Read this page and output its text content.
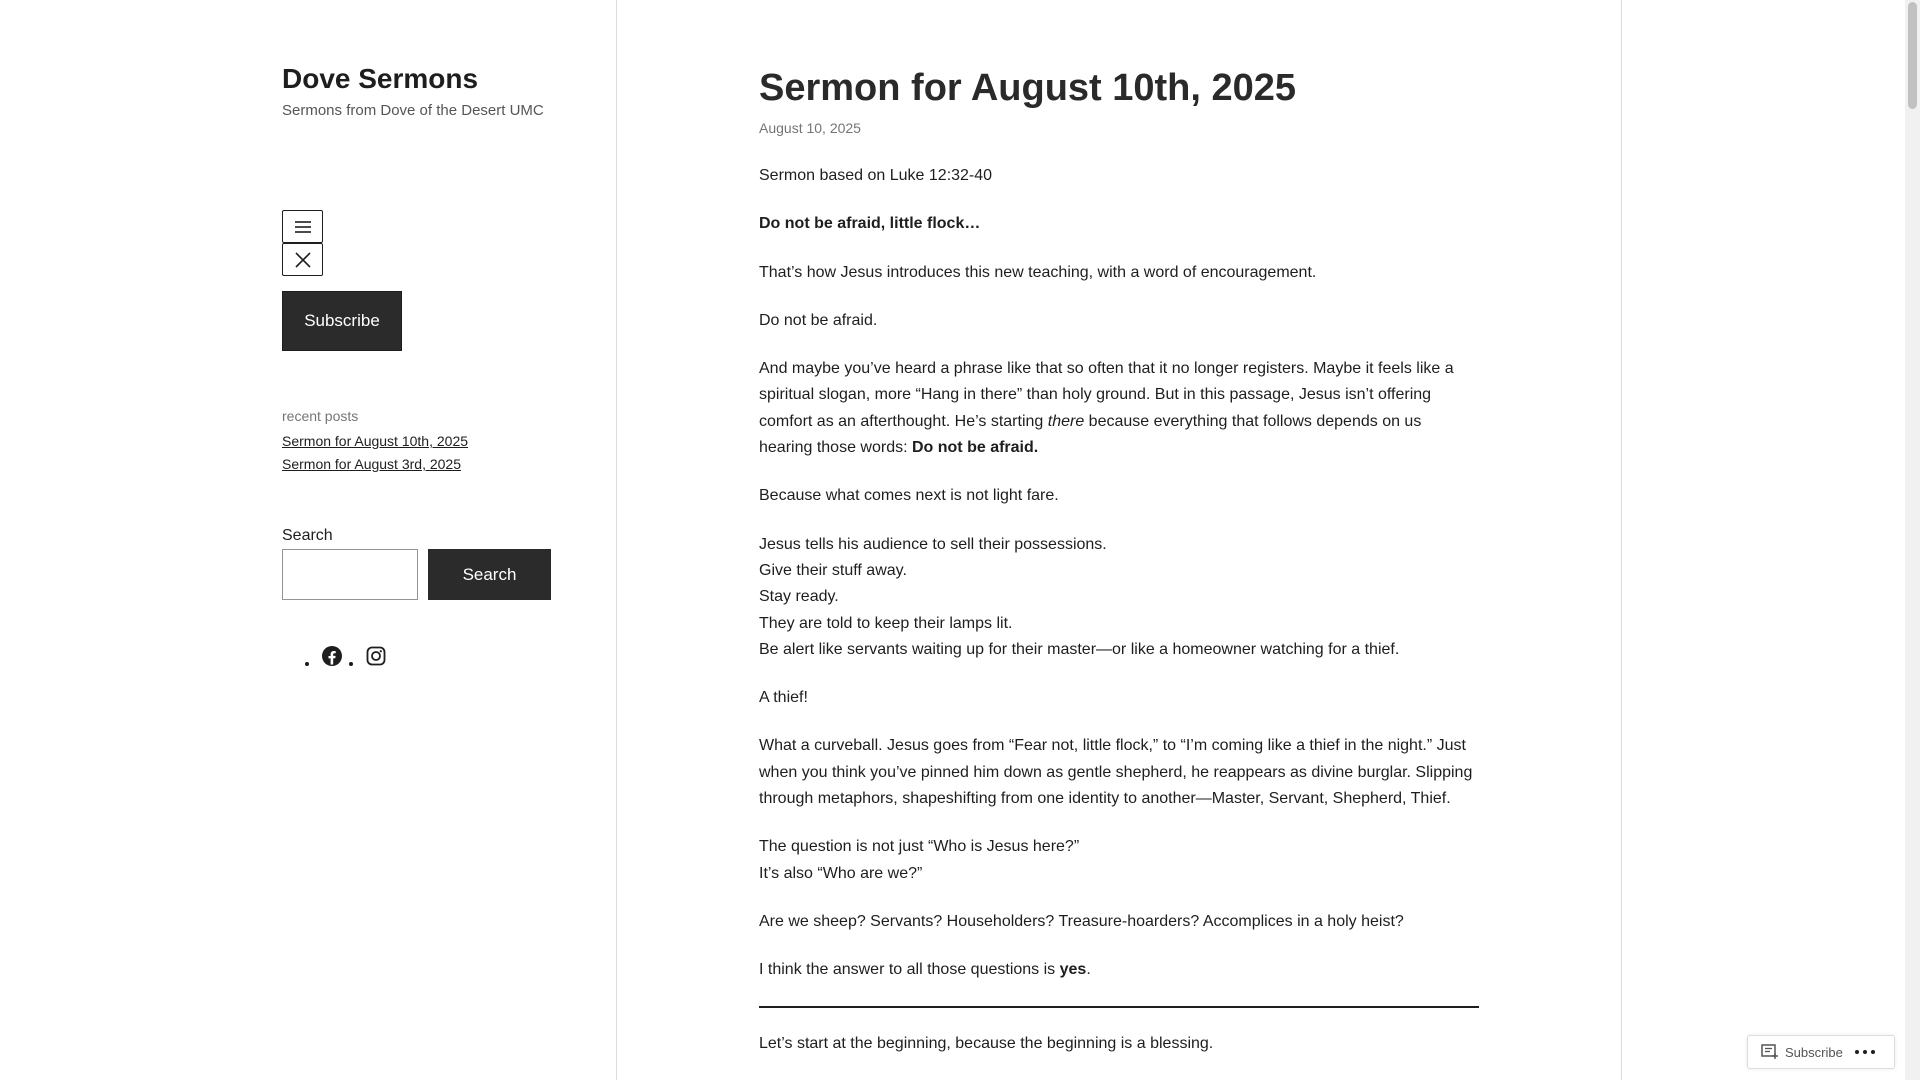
Dove Sermons
Sermons from Dove of the Desert UMC
Subscribe
recent posts
Sermon for August 10th, 2025
Sermon for August 3rd, 2025
Search
Search
•
•
Sermon for August 10th, 2025
August 10, 2025

Sermon based on Luke 12:32-40

Do not be afraid, little flock…

That’s how Jesus introduces this new teaching, with a word of encouragement.

Do not be afraid.

And maybe you’ve heard a phrase like that so often that it no longer registers. Maybe it feels like a spiritual slogan, more “Hang in there” than holy ground. But in this passage, Jesus isn’t offering comfort as an afterthought. He’s starting there because everything that follows depends on us hearing those words: Do not be afraid.

Because what comes next is not light fare.

Jesus tells his audience to sell their possessions.
Give their stuff away.
Stay ready.
They are told to keep their lamps lit.
Be alert like servants waiting up for their master—or like a homeowner watching for a thief.

A thief!

What a curveball. Jesus goes from “Fear not, little flock,” to “I’m coming like a thief in the night.” Just when you think you’ve pinned him down as gentle shepherd, he reappears as divine burglar. Slipping through metaphors, shapeshifting from one identity to another—Master, Servant, Shepherd, Thief.

The question is not just “Who is Jesus here?”
It’s also “Who are we?”

Are we sheep? Servants? Householders? Treasure-hoarders? Accomplices in a holy heist?

I think the answer to all those questions is yes.

Let’s start at the beginning, because the beginning is a blessing.

Subscribe
